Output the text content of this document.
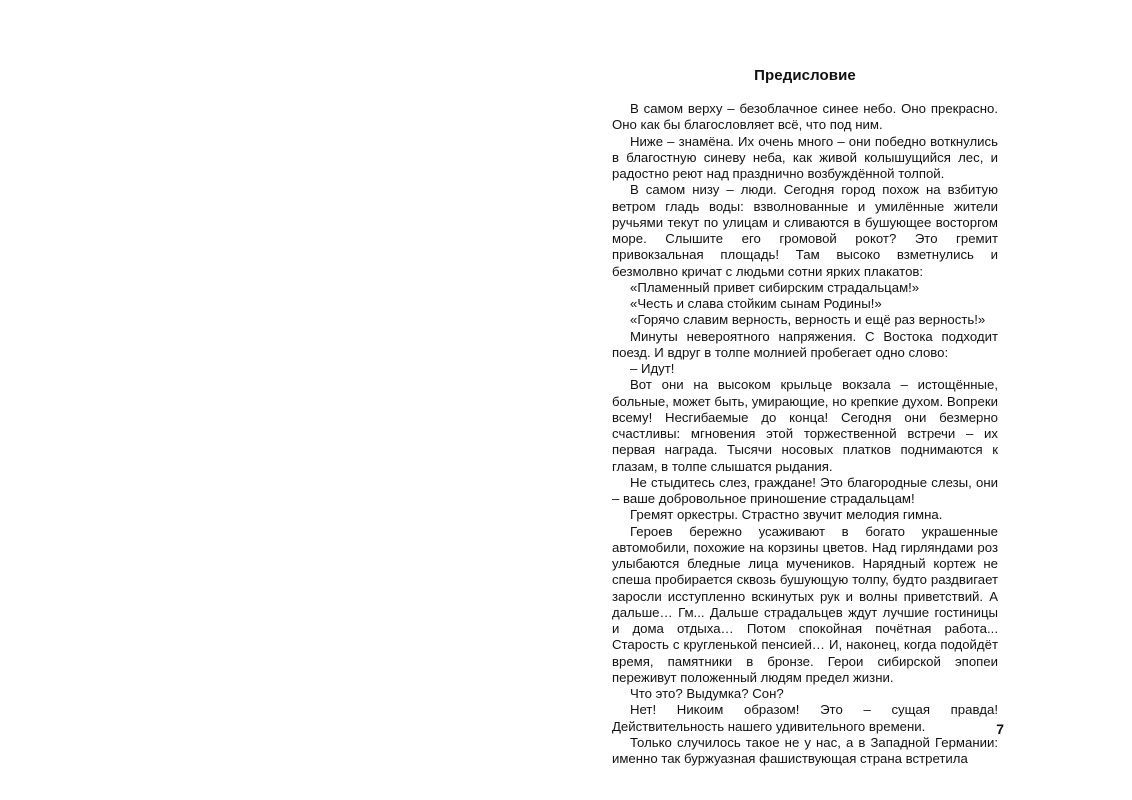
Предисловие

В самом верху – безоблачное синее небо. Оно прекрасно. Оно как бы благословляет всё, что под ним.

Ниже – знамёна. Их очень много – они победно воткнулись в благостную синеву неба, как живой колышущийся лес, и радостно реют над празднично возбуждённой толпой.

В самом низу – люди. Сегодня город похож на взбитую ветром гладь воды: взволнованные и умилённые жители ручьями текут по улицам и сливаются в бушующее восторгом море. Слышите его громовой рокот? Это гремит привокзальная площадь! Там высоко взметнулись и безмолвно кричат с людьми сотни ярких плакатов:

«Пламенный привет сибирским страдальцам!»

«Честь и слава стойким сынам Родины!»

«Горячо славим верность, верность и ещё раз верность!»

Минуты невероятного напряжения. С Востока подходит поезд. И вдруг в толпе молнией пробегает одно слово:

– Идут!

Вот они на высоком крыльце вокзала – истощённые, больные, может быть, умирающие, но крепкие духом. Вопреки всему! Несгибаемые до конца! Сегодня они безмерно счастливы: мгновения этой торжественной встречи – их первая награда. Тысячи носовых платков поднимаются к глазам, в толпе слышатся рыдания.

Не стыдитесь слез, граждане! Это благородные слезы, они – ваше добровольное приношение страдальцам!

Гремят оркестры. Страстно звучит мелодия гимна.

Героев бережно усаживают в богато украшенные автомобили, похожие на корзины цветов. Над гирляндами роз улыбаются бледные лица мучеников. Нарядный кортеж не спеша пробирается сквозь бушующую толпу, будто раздвигает заросли исступленно вскинутых рук и волны приветствий. А дальше… Гм... Дальше страдальцев ждут лучшие гостиницы и дома отдыха… Потом спокойная почётная работа... Старость с кругленькой пенсией… И, наконец, когда подойдёт время, памятники в бронзе. Герои сибирской эпопеи переживут положенный людям предел жизни.

Что это? Выдумка? Сон?

Нет! Никоим образом! Это – сущая правда! Действительность нашего удивительного времени.

Только случилось такое не у нас, а в Западной Германии: именно так буржуазная фашиствующая страна встретила

7
